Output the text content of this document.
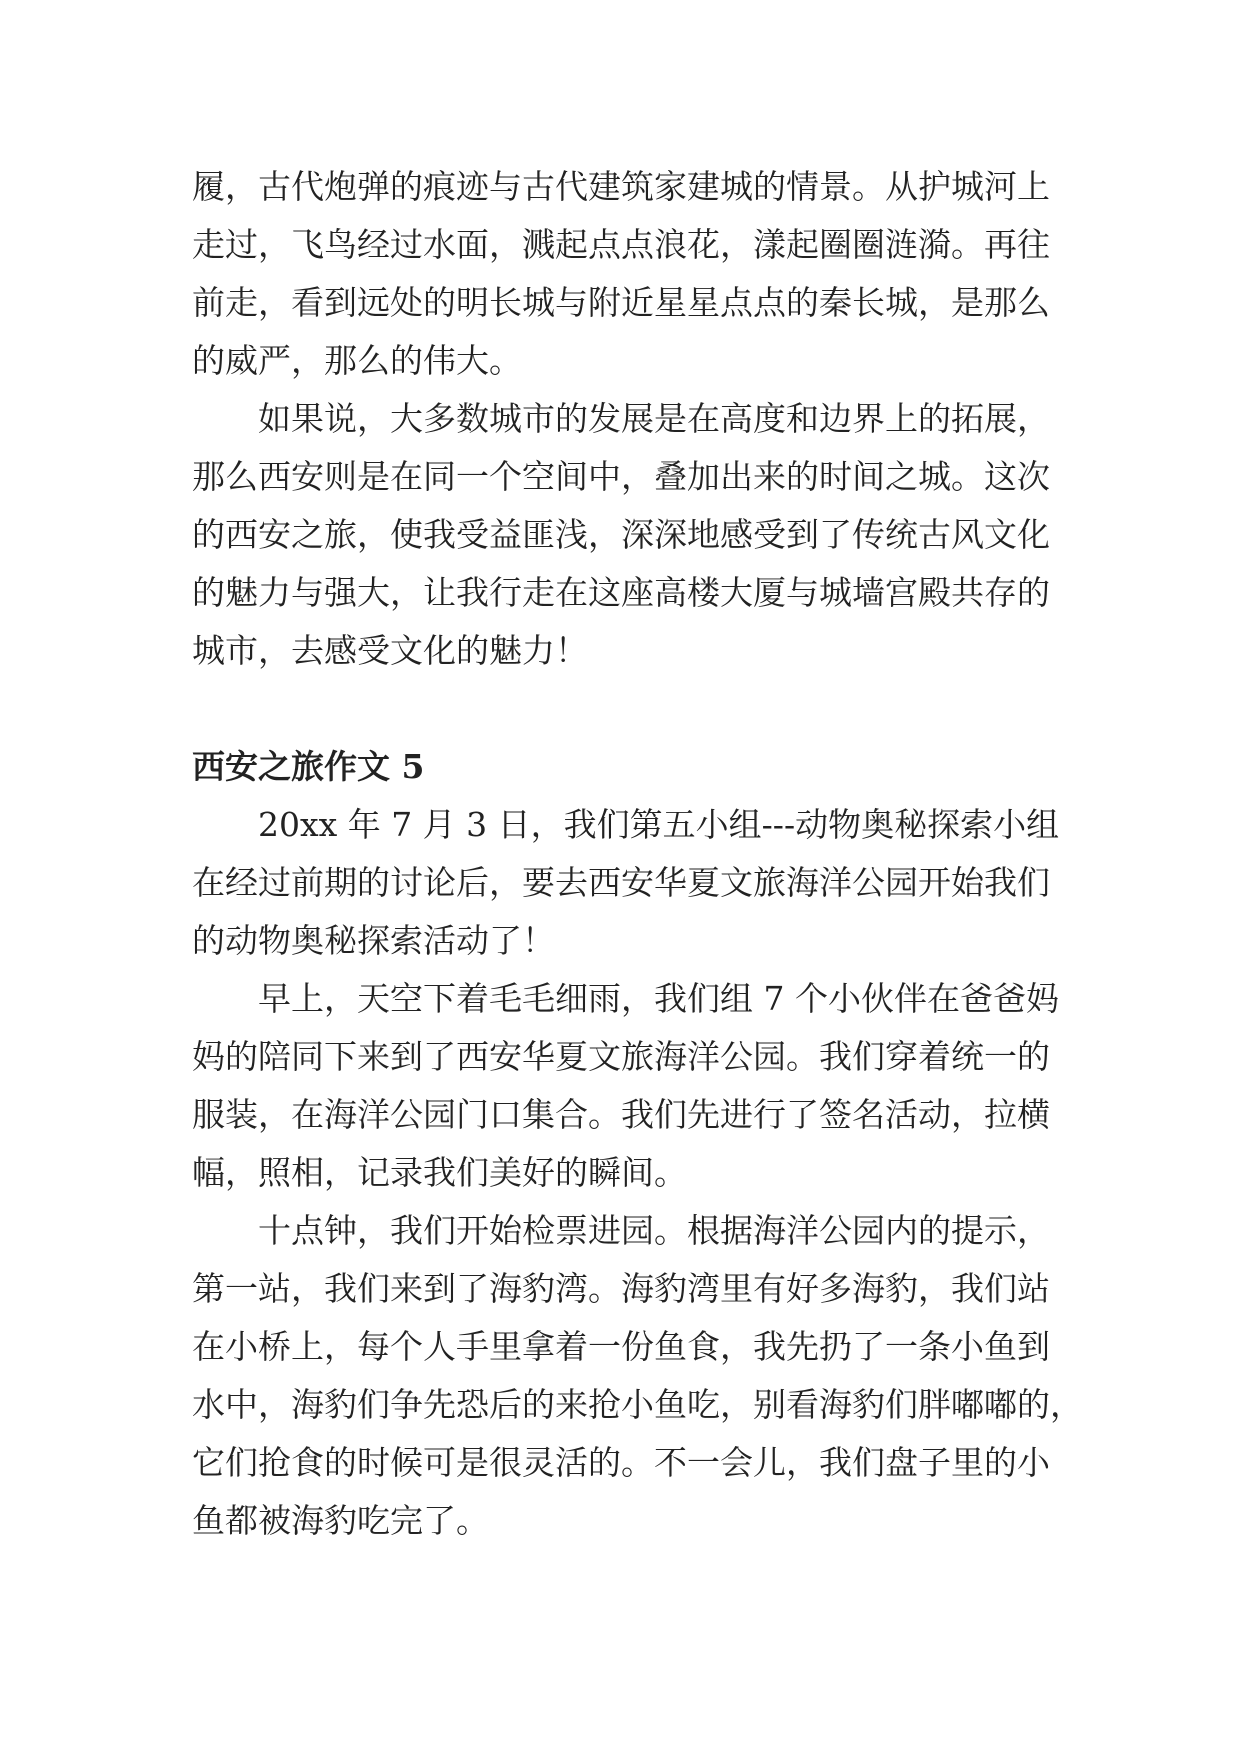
履，古代炮弹的痕迹与古代建筑家建城的情景。从护城河上
走过，飞鸟经过水面，溅起点点浪花，漾起圈圈涟漪。再往
前走，看到远处的明长城与附近星星点点的秦长城，是那么
的威严，那么的伟大。

如果说，大多数城市的发展是在高度和边界上的拓展，
那么西安则是在同一个空间中，叠加出来的时间之城。这次
的西安之旅，使我受益匪浅，深深地感受到了传统古风文化
的魅力与强大，让我行走在这座高楼大厦与城墙宫殿共存的
城市，去感受文化的魅力！

西安之旅作文 5

20xx 年 7 月 3 日，我们第五小组---动物奥秘探索小组
在经过前期的讨论后，要去西安华夏文旅海洋公园开始我们
的动物奥秘探索活动了！

早上，天空下着毛毛细雨，我们组 7 个小伙伴在爸爸妈
妈的陪同下来到了西安华夏文旅海洋公园。我们穿着统一的
服装，在海洋公园门口集合。我们先进行了签名活动，拉横
幅，照相，记录我们美好的瞬间。

十点钟，我们开始检票进园。根据海洋公园内的提示，
第一站，我们来到了海豹湾。海豹湾里有好多海豹，我们站
在小桥上，每个人手里拿着一份鱼食，我先扔了一条小鱼到
水中，海豹们争先恐后的来抢小鱼吃，别看海豹们胖嘟嘟的，
它们抢食的时候可是很灵活的。不一会儿，我们盘子里的小
鱼都被海豹吃完了。
